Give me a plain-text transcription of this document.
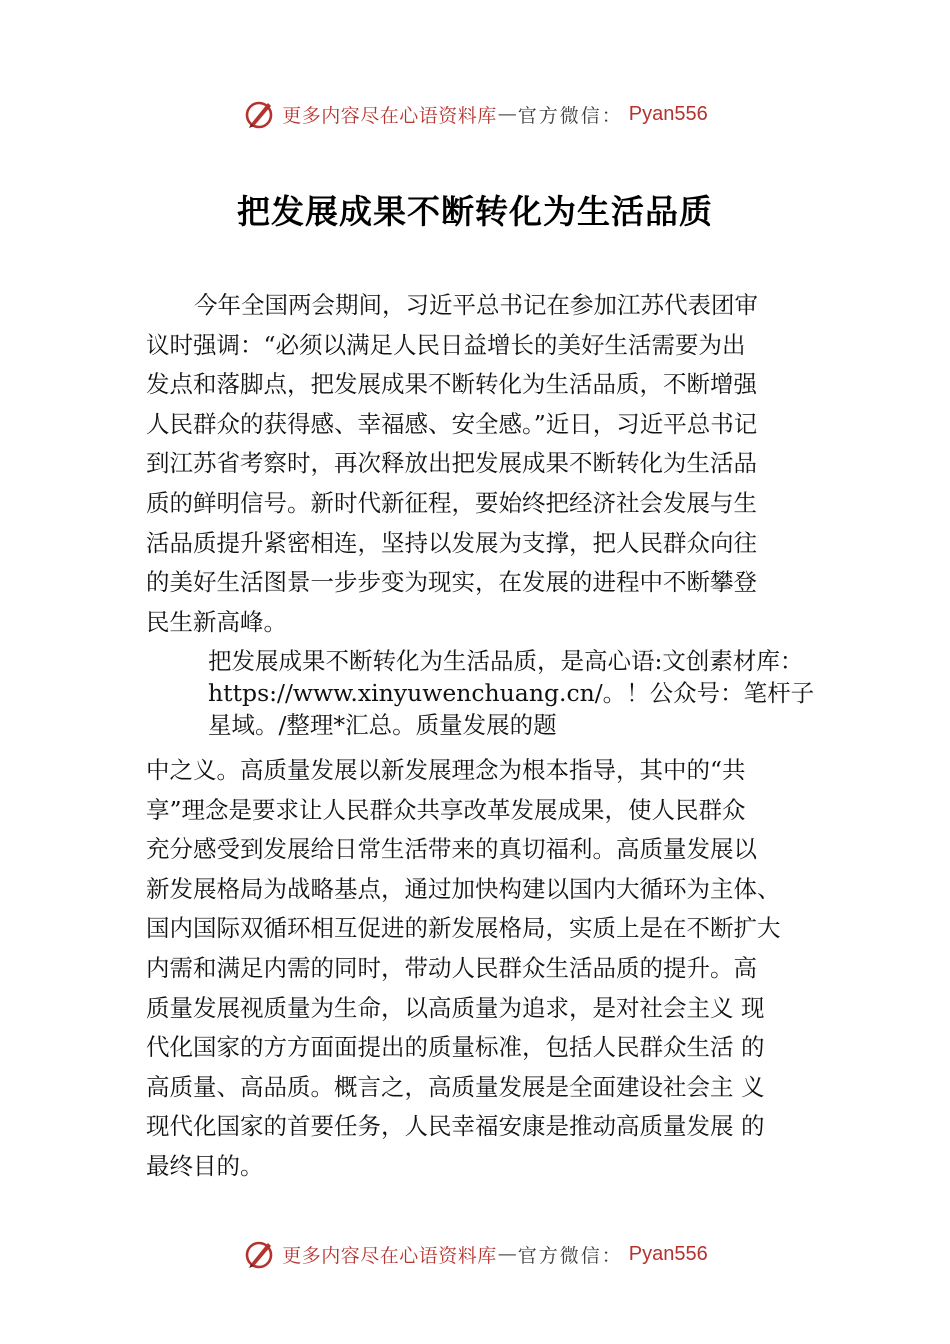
更多内容尽在心语资料库 — 官方微信： Pyan556
把发展成果不断转化为生活品质
今年全国两会期间，习近平总书记在参加江苏代表团审
议时强调：“必须以满足人民日益增长的美好生活需要为出
发点和落脚点，把发展成果不断转化为生活品质，不断增强
人民群众的获得感、幸福感、安全感。”近日，习近平总书记
到江苏省考察时，再次释放出把发展成果不断转化为生活品
质的鲜明信号。新时代新征程，要始终把经济社会发展与生
活品质提升紧密相连，坚持以发展为支撑，把人民群众向往
的美好生活图景一步步变为现实，在发展的进程中不断攀登
民生新高峰。
把发展成果不断转化为生活品质，是高心语:文创素材库：
https://www.xinyuwenchuang.cn/。！公众号：笔杆子
星域。/整理*汇总。质量发展的题
中之义。高质量发展以新发展理念为根本指导，其中的“共
享”理念是要求让人民群众共享改革发展成果，使人民群众
充分感受到发展给日常生活带来的真切福利。高质量发展以
新发展格局为战略基点，通过加快构建以国内大循环为主体、
国内国际双循环相互促进的新发展格局，实质上是在不断扩大
内需和满足内需的同时，带动人民群众生活品质的提升。高
质量发展视质量为生命，以高质量为追求，是对社会主义 现
代化国家的方方面面提出的质量标准，包括人民群众生活 的
高质量、高品质。概言之，高质量发展是全面建设社会主 义
现代化国家的首要任务，人民幸福安康是推动高质量发展 的
最终目的。
更多内容尽在心语资料库 — 官方微信： Pyan556
